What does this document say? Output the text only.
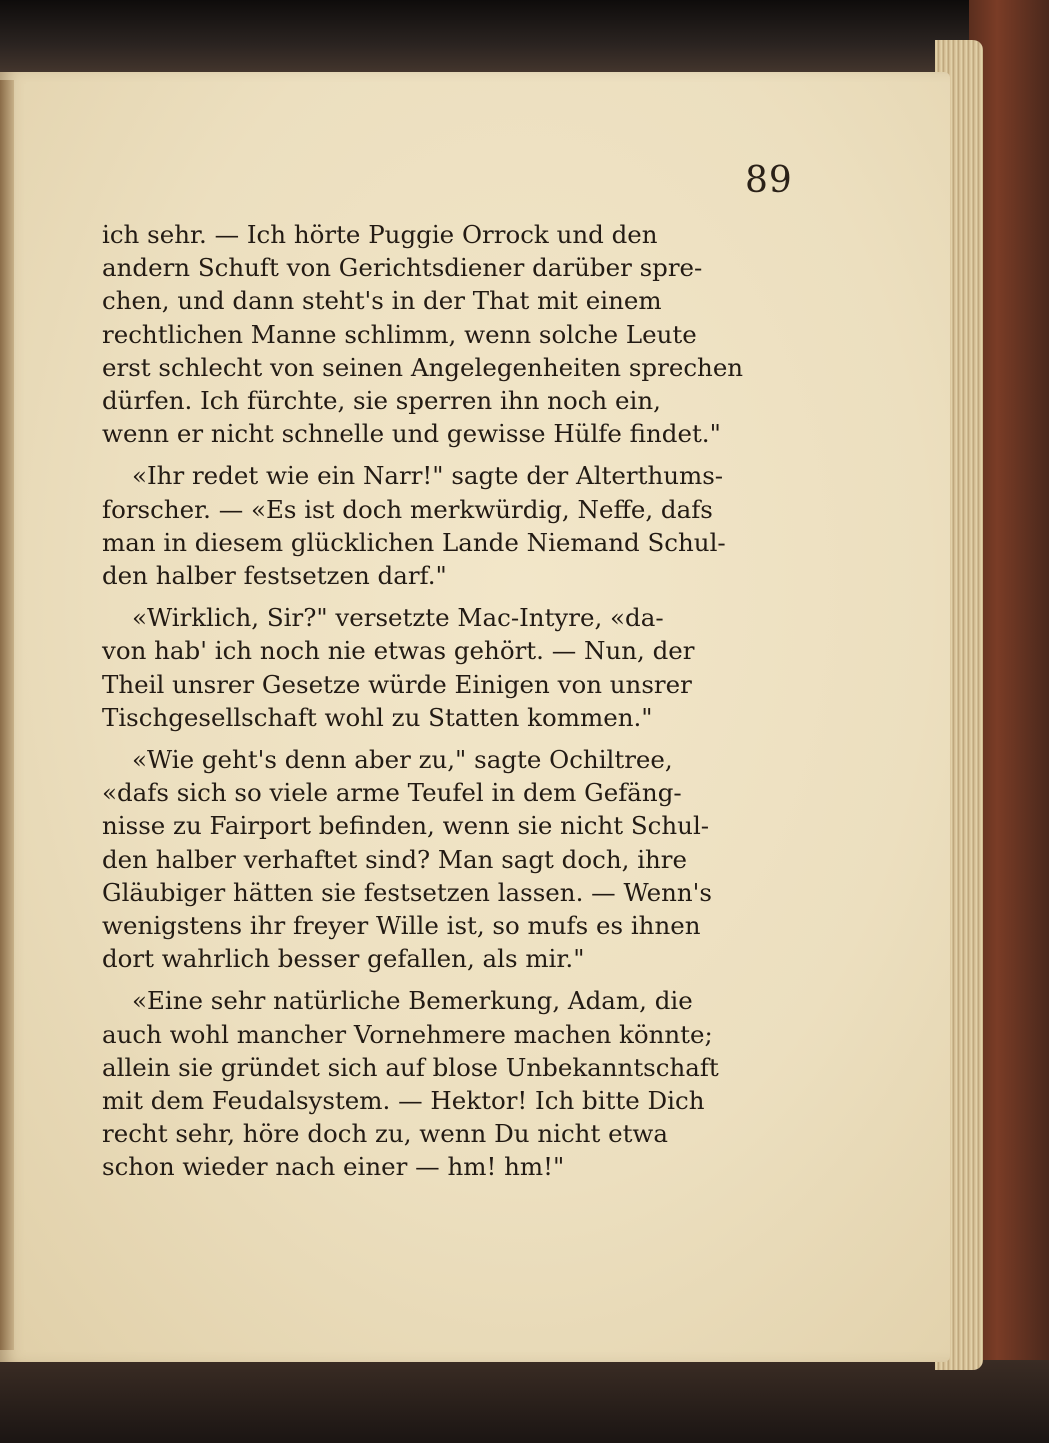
89
ich sehr. — Ich hörte Puggie Orrock und den
andern Schuft von Gerichtsdiener darüber spre-
chen, und dann steht's in der That mit einem
rechtlichen Manne schlimm, wenn solche Leute
erst schlecht von seinen Angelegenheiten sprechen
dürfen. Ich fürchte, sie sperren ihn noch ein,
wenn er nicht schnelle und gewisse Hülfe findet."
«Ihr redet wie ein Narr!" sagte der Alterthums-
forscher. — «Es ist doch merkwürdig, Neffe, dafs
man in diesem glücklichen Lande Niemand Schul-
den halber festsetzen darf."
«Wirklich, Sir?" versetzte Mac-Intyre, «da-
von hab' ich noch nie etwas gehört. — Nun, der
Theil unsrer Gesetze würde Einigen von unsrer
Tischgesellschaft wohl zu Statten kommen."
«Wie geht's denn aber zu," sagte Ochiltree,
«dafs sich so viele arme Teufel in dem Gefäng-
nisse zu Fairport befinden, wenn sie nicht Schul-
den halber verhaftet sind? Man sagt doch, ihre
Gläubiger hätten sie festsetzen lassen. — Wenn's
wenigstens ihr freyer Wille ist, so mufs es ihnen
dort wahrlich besser gefallen, als mir."
«Eine sehr natürliche Bemerkung, Adam, die
auch wohl mancher Vornehmere machen könnte;
allein sie gründet sich auf blose Unbekanntschaft
mit dem Feudalsystem. — Hektor! Ich bitte Dich
recht sehr, höre doch zu, wenn Du nicht etwa
schon wieder nach einer — hm! hm!"
